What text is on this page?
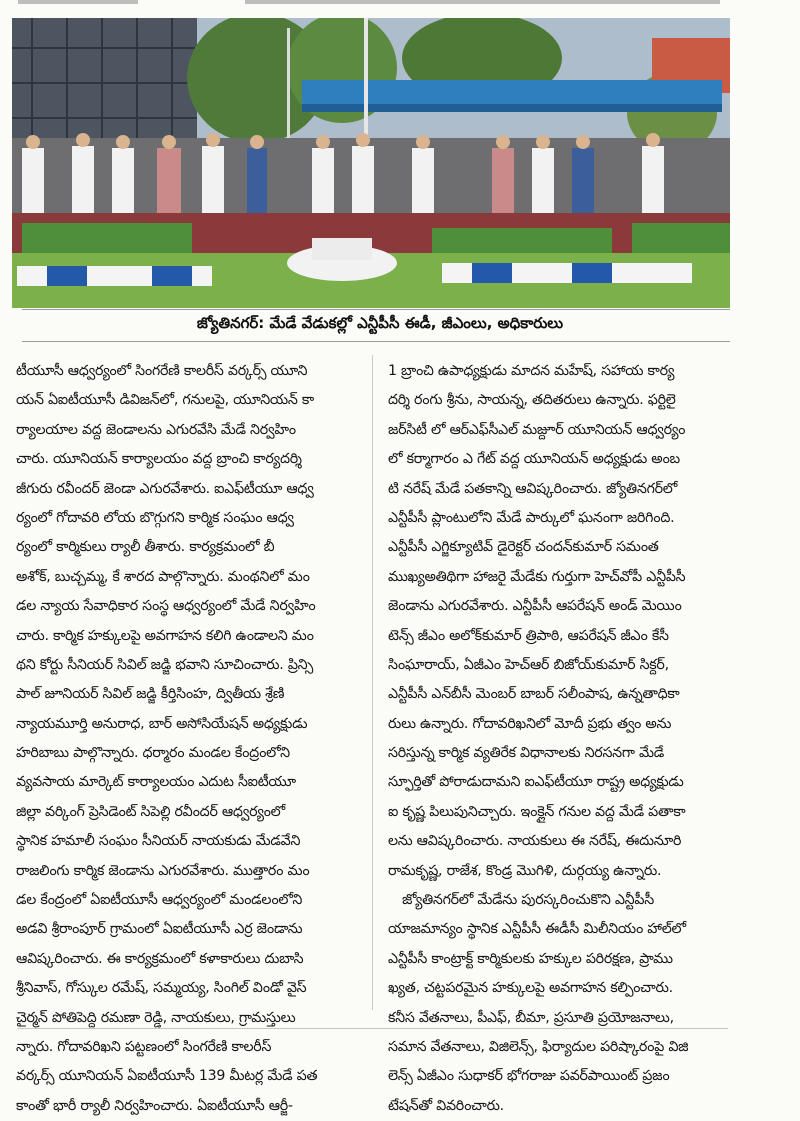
జ్యోతినగర్‌: మేడే వేడుకల్లో ఎన్టీపీసీ ఈడీ, జీఎంలు, అధికారులు
టీయూసీ ఆధ్వర్యంలో సింగరేణి కాలరీస్‌ వర్కర్స్‌ యూని
యన్‌ ఏఐటీయూసీ డివిజన్‌లో, గనులపై, యూనియన్‌ కా
ర్యాలయాల వద్ద జెండాలను ఎగురవేసి మేడే నిర్వహిం
చారు. యూనియన్‌ కార్యాలయం వద్ద బ్రాంచి కార్యదర్శి
జీగురు రవీందర్‌ జెండా ఎగురవేశారు. ఐఎఫ్‌టీయూ ఆధ్వ
ర్యంలో గోదావరి లోయ బొగ్గుగని కార్మిక సంఘం ఆధ్వ
ర్యంలో కార్మికులు ర్యాలీ తీశారు. కార్యక్రమంలో బీ
అశోక్‌, బుచ్చమ్మ, కే శారద పాల్గొన్నారు. మంథనిలో మం
డల న్యాయ సేవాధికార సంస్థ ఆధ్వర్యంలో మేడే నిర్వహిం
చారు. కార్మిక హక్కులపై అవగాహన కలిగి ఉండాలని మం
థని కోర్టు సీనియర్‌ సివిల్‌ జడ్జి భవాని సూచించారు. ప్రిన్సి
పాల్‌ జూనియర్‌ సివిల్‌ జడ్జి కీర్తిసింహ, ద్వితీయ శ్రేణి
న్యాయమూర్తి అనురాధ, బార్‌ అసోసియేషన్‌ అధ్యక్షుడు
హరిబాబు పాల్గొన్నారు. ధర్మారం మండల కేంద్రంలోని
వ్యవసాయ మార్కెట్‌ కార్యాలయం ఎదుట సీఐటీయూ
జిల్లా వర్కింగ్‌ ప్రెసిడెంట్‌ సిపెల్లి రవీందర్‌ ఆధ్వర్యంలో
స్థానిక హమాలీ సంఘం సీనియర్‌ నాయకుడు మేడవేని
రాజలింగు కార్మిక జెండాను ఎగురవేశారు. ముత్తారం మం
డల కేంద్రంలో ఏఐటీయూసీ ఆధ్వర్యంలో మండలంలోని
అడవి శ్రీరాంపూర్‌ గ్రామంలో ఏఐటీయూసీ ఎర్ర జెండాను
ఆవిష్కరించారు. ఈ కార్యక్రమంలో కళాకారులు దుబాసి
శ్రీనివాస్‌, గోస్కుల రమేష్‌, సమ్మయ్య, సింగిల్‌ విండో వైస్‌
చైర్మన్‌ పోతిపెద్ది రమణా రెడ్డి, నాయకులు, గ్రామస్తులు
న్నారు. గోదావరిఖని పట్టణంలో సింగరేణి కాలరీస్‌
వర్కర్స్‌ యూనియన్‌ ఏఐటీయూసీ 139 మీటర్ల మేడే పత
కాంతో భారీ ర్యాలీ నిర్వహించారు. ఏఐటీయూసీ ఆర్జీ-
1 బ్రాంచి ఉపాధ్యక్షుడు మాదన మహేష్‌, సహాయ కార్య
దర్శి రంగు శ్రీను, సాయన్న, తదితరులు ఉన్నారు. ఫర్టిలై
జర్‌సిటీ లో ఆర్‌ఎఫ్‌సీఎల్‌ మజ్దూర్‌ యూనియన్‌ ఆధ్వర్యం
లో కర్మాగారం ఎ గేట్‌ వద్ద యూనియన్‌ అధ్యక్షుడు అంబ
టి నరేష్‌ మేడే పతకాన్ని ఆవిష్కరించారు. జ్యోతినగర్‌లో
ఎన్టీపీసీ ప్లాంటులోని మేడే పార్కులో ఘనంగా జరిగింది.
ఎన్టీపీసీ ఎగ్జిక్యూటివ్‌ డైరెక్టర్‌ చందన్‌కుమార్‌ సమంత
ముఖ్యఅతిథిగా హాజరై మేడేకు గుర్తుగా హెచ్‌వోపీ ఎన్టీపీసీ
జెండాను ఎగురవేశారు. ఎన్టీపీసీ ఆపరేషన్‌ అండ్‌ మెయిం
టెన్స్‌ జీఎం అలోక్‌కుమార్‌ త్రిపాఠి, ఆపరేషన్‌ జీఎం కేసీ
సింఘారాయ్‌, ఏజీఎం హెచ్‌ఆర్‌ బిజోయ్‌కుమార్‌ సిక్దర్‌,
ఎన్టీపీసీ ఎన్‌బీసీ మెంబర్‌ బాబర్‌ సలీంపాష, ఉన్నతాధికా
రులు ఉన్నారు. గోదావరిఖనిలో మోదీ ప్రభు త్వం అను
సరిస్తున్న కార్మిక వ్యతిరేక విధానాలకు నిరసనగా మేడే
స్ఫూర్తితో పోరాడుదామని ఐఎఫ్‌టీయూ రాష్ట్ర అధ్యక్షుడు
ఐ కృష్ణ పిలుపునిచ్చారు. ఇంక్లైన్‌ గనుల వద్ద మేడే పతాకా
లను ఆవిష్కరించారు. నాయకులు ఈ నరేష్‌, ఈదునూరి
రామకృష్ణ, రాజేశ, కొండ్ర మొగిళి, దుర్గయ్య ఉన్నారు.
జ్యోతినగర్‌లో మేడేను పురస్కరించుకొని ఎన్టీపీసీ
యాజమాన్యం స్థానిక ఎన్టీపీసీ ఈడీసీ మిలీనియం హాల్‌లో
ఎన్టీపీసీ కాంట్రాక్ట్‌ కార్మికులకు హక్కుల పరిరక్షణ, ప్రాము
ఖ్యత, చట్టపరమైన హక్కులపై అవగాహన కల్పించారు.
కనీస వేతనాలు, పీఎఫ్‌, బీమా, ప్రసూతి ప్రయోజనాలు,
సమాన వేతనాలు, విజిలెన్స్‌, ఫిర్యాదుల పరిష్కారంపై విజి
లెన్స్‌ ఏజీఎం సుధాకర్‌ భోగరాజు పవర్‌పాయింట్‌ ప్రజం
టేషన్‌తో వివరించారు.
